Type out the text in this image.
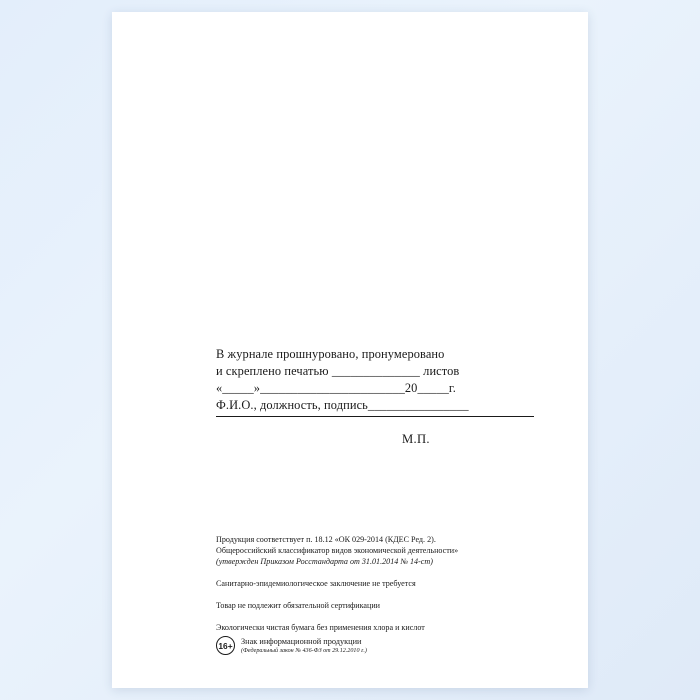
В журнале прошнуровано, пронумеровано
и скреплено печатью ______________ листов
«_____»_______________________20_____г.
Ф.И.О., должность, подпись________________
М.П.

Продукция соответствует п. 18.12 «ОК 029-2014 (КДЕС Ред. 2).

Общероссийский классификатор видов экономической деятельности»

(утвержден Приказом Росстандарта от 31.01.2014 № 14-ст)

Санитарно-эпидемиологическое заключение не требуется

Товар не подлежит обязательной сертификации

Экологически чистая бумага без применения хлора и кислот

16+ Знак информационной продукции
(Федеральный закон № 436-ФЗ от 29.12.2010 г.)
